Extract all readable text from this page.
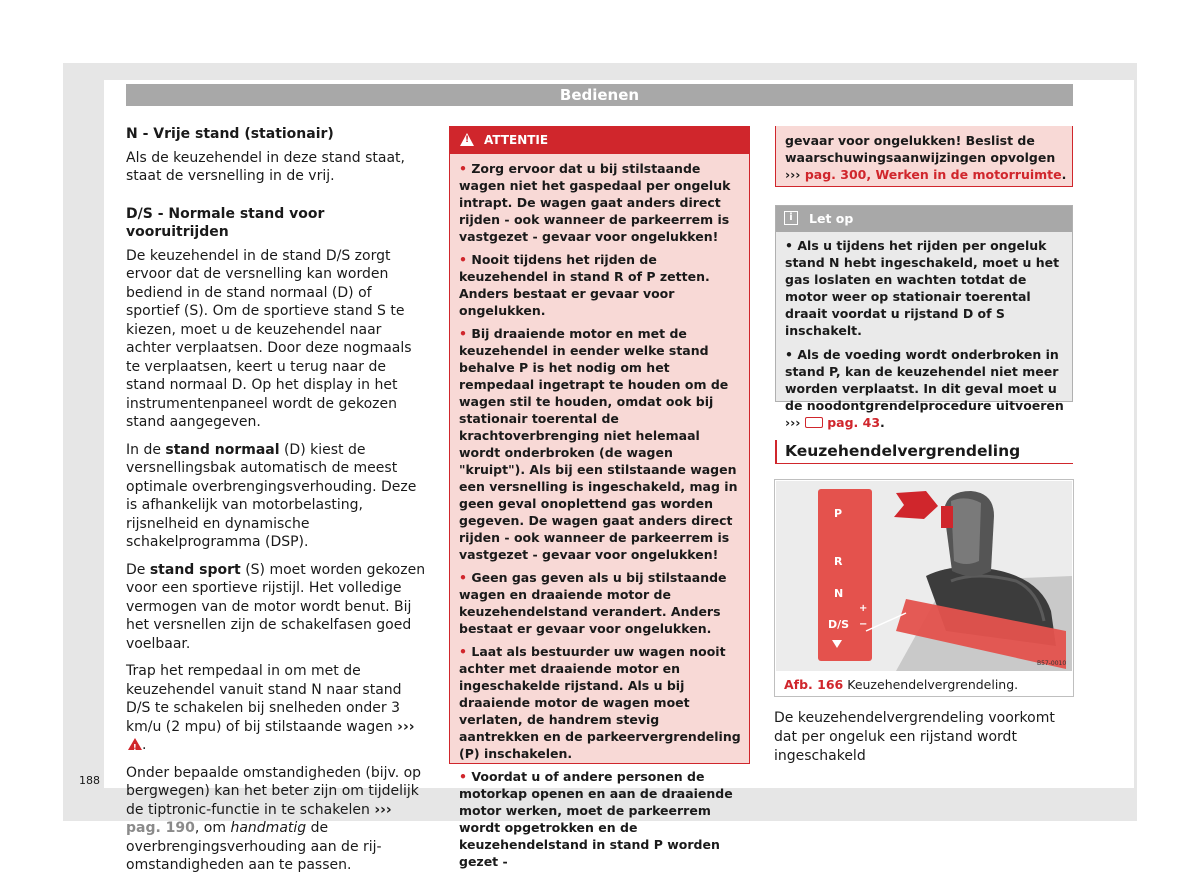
Bedienen

N - Vrije stand (stationair)

Als de keuzehendel in deze stand staat, staat de versnelling in de vrij.

D/S - Normale stand voor vooruitrijden

De keuzehendel in de stand D/S zorgt ervoor dat de versnelling kan worden bediend in de stand normaal (D) of sportief (S). Om de sportieve stand S te kiezen, moet u de keuzehendel naar achter verplaatsen. Door deze nogmaals te verplaatsen, keert u terug naar de stand normaal D. Op het display in het instrumentenpaneel wordt de gekozen stand aangegeven.

In de stand normaal (D) kiest de versnellingsbak automatisch de meest optimale overbrengingsverhouding. Deze is afhankelijk van motorbelasting, rijsnelheid en dynamische schakelprogramma (DSP).

De stand sport (S) moet worden gekozen voor een sportieve rijstijl. Het volledige vermogen van de motor wordt benut. Bij het versnellen zijn de schakelfasen goed voelbaar.

Trap het rempedaal in om met de keuzehendel vanuit stand N naar stand D/S te schakelen bij snelheden onder 3 km/u (2 mpu) of bij stilstaande wagen ››› !.

Onder bepaalde omstandigheden (bijv. op bergwegen) kan het beter zijn om tijdelijk de tiptronic-functie in te schakelen ››› pag. 190, om handmatig de overbrengingsverhouding aan de rij-omstandigheden aan te passen.

188
!
ATTENTIE

• Zorg ervoor dat u bij stilstaande wagen niet het gaspedaal per ongeluk intrapt. De wagen gaat anders direct rijden - ook wanneer de parkeerrem is vastgezet - gevaar voor ongelukken!

• Nooit tijdens het rijden de keuzehendel in stand R of P zetten. Anders bestaat er gevaar voor ongelukken.

• Bij draaiende motor en met de keuzehendel in eender welke stand behalve P is het nodig om het rempedaal ingetrapt te houden om de wagen stil te houden, omdat ook bij stationair toerental de krachtoverbrenging niet helemaal wordt onderbroken (de wagen "kruipt"). Als bij een stilstaande wagen een versnelling is ingeschakeld, mag in geen geval onoplettend gas worden gegeven. De wagen gaat anders direct rijden - ook wanneer de parkeerrem is vastgezet - gevaar voor ongelukken!

• Geen gas geven als u bij stilstaande wagen en draaiende motor de keuzehendelstand verandert. Anders bestaat er gevaar voor ongelukken.

• Laat als bestuurder uw wagen nooit achter met draaiende motor en ingeschakelde rijstand. Als u bij draaiende motor de wagen moet verlaten, de handrem stevig aantrekken en de parkeervergrendeling (P) inschakelen.

• Voordat u of andere personen de motorkap openen en aan de draaiende motor werken, moet de parkeerrem wordt opgetrokken en de keuzehendelstand in stand P worden gezet -

gevaar voor ongelukken! Beslist de waarschuwingsaanwijzingen opvolgen ››› pag. 300, Werken in de motorruimte.
i	Let op

• Als u tijdens het rijden per ongeluk stand N hebt ingeschakeld, moet u het gas loslaten en wachten totdat de motor weer op stationair toerental draait voordat u rijstand D of S inschakelt.

• Als de voeding wordt onderbroken in stand P, kan de keuzehendel niet meer worden verplaatst. In dit geval moet u de noodontgrendelprocedure uitvoeren ››› pag. 43.

Keuzehendelvergrendeling
P
R
N
D/S
+
−
B57-0010
Afb. 166 Keuzehendelvergrendeling.
De keuzehendelvergrendeling voorkomt dat per ongeluk een rijstand wordt ingeschakeld
